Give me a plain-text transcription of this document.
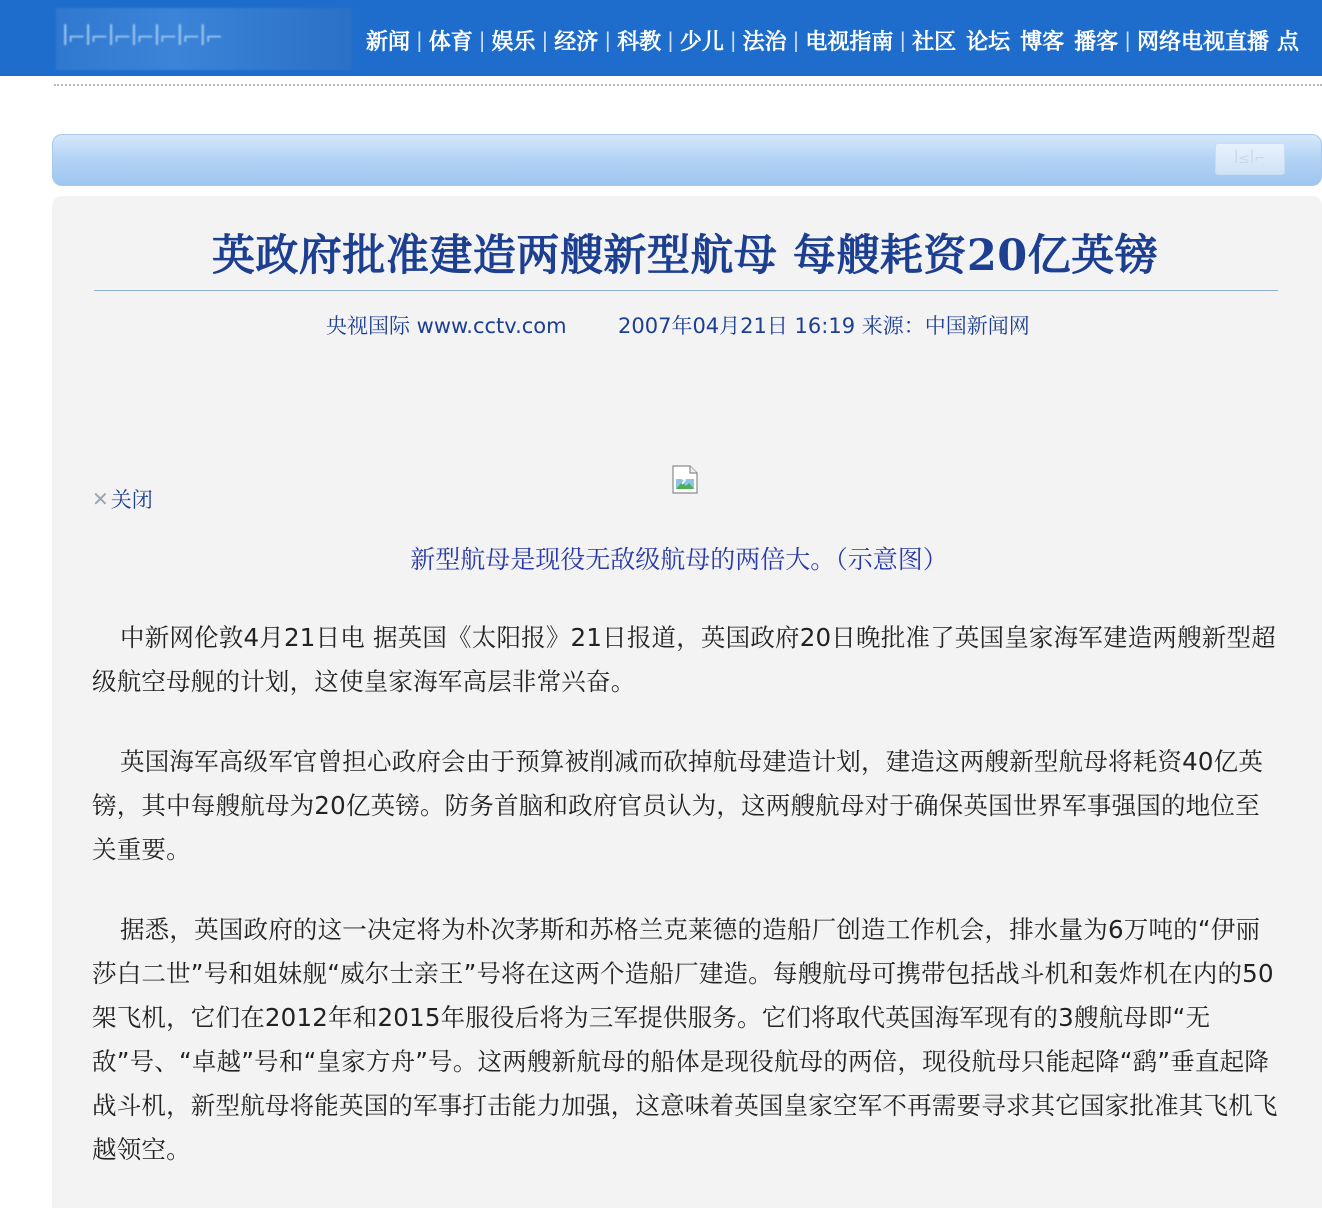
ꟾ⌐ꟾ⌐ꟾ⌐ꟾ⌐ꟾ⌐ꟾ⌐ꟾ⌐	新闻 | 体育 | 娱乐 | 经济 | 科教 | 少儿 | 法治 | 电视指南 | 社区 论坛 博客 播客 | 网络电视直播 点
ꟾ≤ꟾ⌐
英政府批准建造两艘新型航母 每艘耗资20亿英镑
央视国际 www.cctv.com 2007年04月21日 16:19 来源：中国新闻网
✕ 关闭
新型航母是现役无敌级航母的两倍大。（示意图）

中新网伦敦4月21日电 据英国《太阳报》21日报道，英国政府20日晚批准了英国皇家海军建造两艘新型超级航空母舰的计划，这使皇家海军高层非常兴奋。

英国海军高级军官曾担心政府会由于预算被削减而砍掉航母建造计划，建造这两艘新型航母将耗资40亿英镑，其中每艘航母为20亿英镑。防务首脑和政府官员认为，这两艘航母对于确保英国世界军事强国的地位至关重要。

据悉，英国政府的这一决定将为朴次茅斯和苏格兰克莱德的造船厂创造工作机会，排水量为6万吨的“伊丽莎白二世”号和姐妹舰“威尔士亲王”号将在这两个造船厂建造。每艘航母可携带包括战斗机和轰炸机在内的50架飞机，它们在2012年和2015年服役后将为三军提供服务。它们将取代英国海军现有的3艘航母即“无敌”号、“卓越”号和“皇家方舟”号。这两艘新航母的船体是现役航母的两倍，现役航母只能起降“鹞”垂直起降战斗机，新型航母将能英国的军事打击能力加强，这意味着英国皇家空军不再需要寻求其它国家批准其飞机飞越领空。
